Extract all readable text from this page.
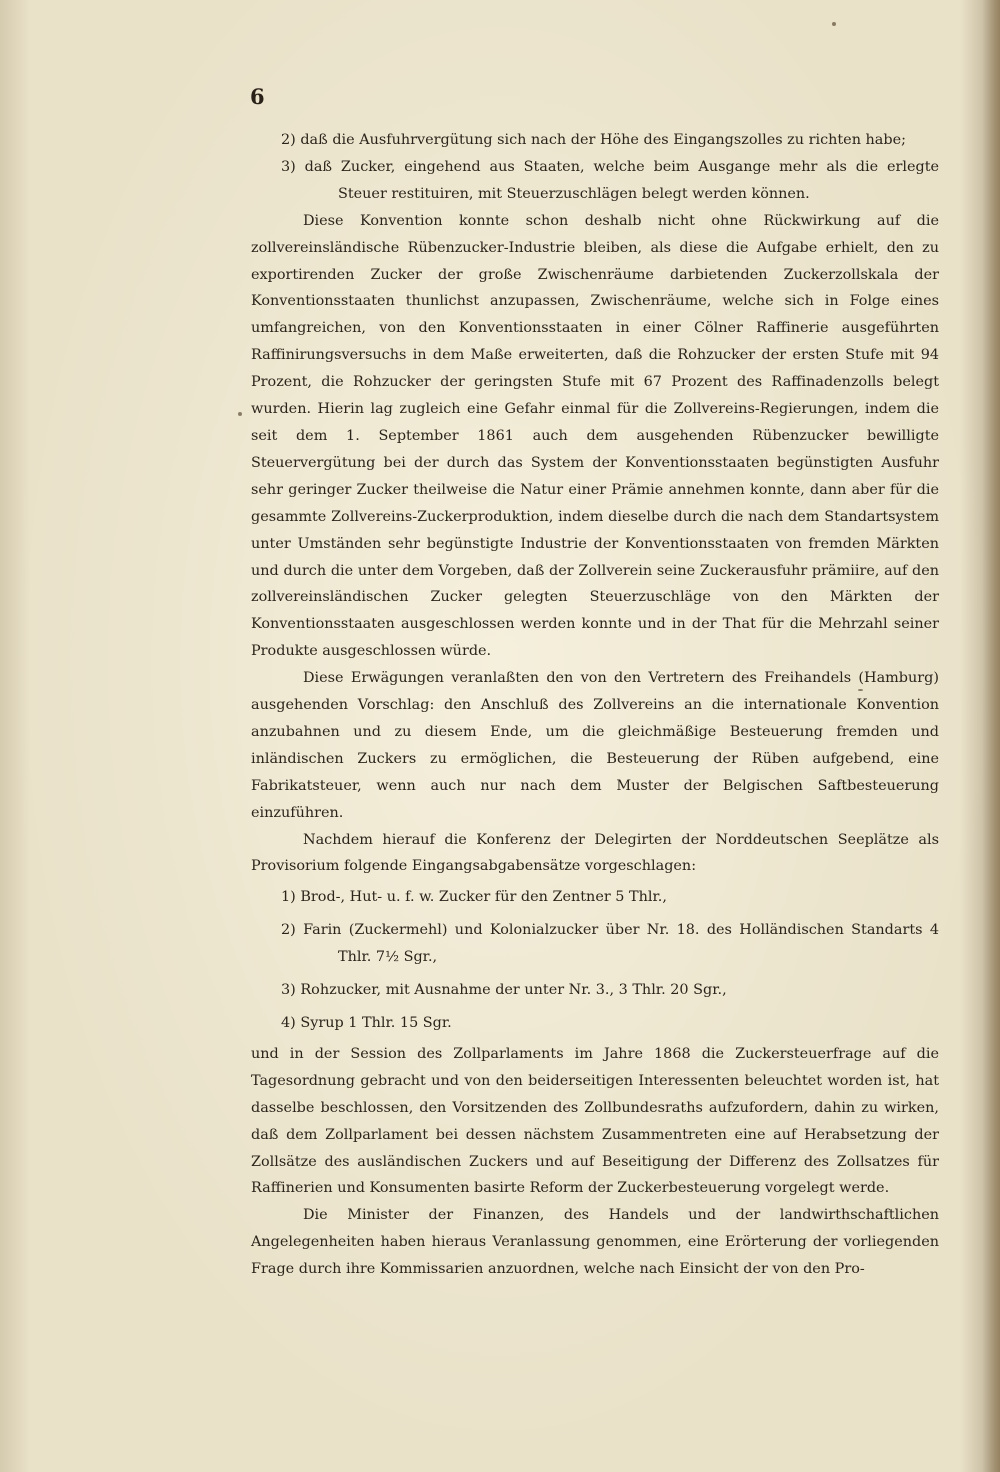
6

2) daß die Ausfuhrvergütung sich nach der Höhe des Eingangszolles zu richten habe;

3) daß Zucker, eingehend aus Staaten, welche beim Ausgange mehr als die erlegte Steuer restituiren, mit Steuerzuschlägen belegt werden können.

Diese Konvention konnte schon deshalb nicht ohne Rückwirkung auf die zollvereinsländische Rübenzucker-Industrie bleiben, als diese die Aufgabe erhielt, den zu exportirenden Zucker der große Zwischenräume darbietenden Zuckerzollskala der Konventionsstaaten thunlichst anzupassen, Zwischenräume, welche sich in Folge eines umfangreichen, von den Konventionsstaaten in einer Cölner Raffinerie ausgeführten Raffinirungsversuchs in dem Maße erweiterten, daß die Rohzucker der ersten Stufe mit 94 Prozent, die Rohzucker der geringsten Stufe mit 67 Prozent des Raffinadenzolls belegt wurden. Hierin lag zugleich eine Gefahr einmal für die Zollvereins-Regierungen, indem die seit dem 1. September 1861 auch dem ausgehenden Rübenzucker bewilligte Steuervergütung bei der durch das System der Konventionsstaaten begünstigten Ausfuhr sehr geringer Zucker theilweise die Natur einer Prämie annehmen konnte, dann aber für die gesammte Zollvereins-Zuckerproduktion, indem dieselbe durch die nach dem Standartsystem unter Umständen sehr begünstigte Industrie der Konventionsstaaten von fremden Märkten und durch die unter dem Vorgeben, daß der Zollverein seine Zuckerausfuhr prämiire, auf den zollvereinsländischen Zucker gelegten Steuerzuschläge von den Märkten der Konventionsstaaten ausgeschlossen werden konnte und in der That für die Mehrzahl seiner Produkte ausgeschlossen würde.

Diese Erwägungen veranlaßten den von den Vertretern des Freihandels (Hamburg) ausgehenden Vorschlag: den Anschluß des Zollvereins an die internationale Konvention anzubahnen und zu diesem Ende, um die gleichmäßige Besteuerung fremden und inländischen Zuckers zu ermöglichen, die Besteuerung der Rüben aufgebend, eine Fabrikatsteuer, wenn auch nur nach dem Muster der Belgischen Saftbesteuerung einzuführen.

Nachdem hierauf die Konferenz der Delegirten der Norddeutschen Seeplätze als Provisorium folgende Eingangsabgabensätze vorgeschlagen:

1) Brod-, Hut- u. f. w. Zucker für den Zentner 5 Thlr.,

2) Farin (Zuckermehl) und Kolonialzucker über Nr. 18. des Holländischen Standarts 4 Thlr. 7½ Sgr.,

3) Rohzucker, mit Ausnahme der unter Nr. 3., 3 Thlr. 20 Sgr.,

4) Syrup 1 Thlr. 15 Sgr.

und in der Session des Zollparlaments im Jahre 1868 die Zuckersteuerfrage auf die Tagesordnung gebracht und von den beiderseitigen Interessenten beleuchtet worden ist, hat dasselbe beschlossen, den Vorsitzenden des Zollbundesraths aufzufordern, dahin zu wirken, daß dem Zollparlament bei dessen nächstem Zusammentreten eine auf Herabsetzung der Zollsätze des ausländischen Zuckers und auf Beseitigung der Differenz des Zollsatzes für Raffinerien und Konsumenten basirte Reform der Zuckerbesteuerung vorgelegt werde.

Die Minister der Finanzen, des Handels und der landwirthschaftlichen Angelegenheiten haben hieraus Veranlassung genommen, eine Erörterung der vorliegenden Frage durch ihre Kommissarien anzuordnen, welche nach Einsicht der von den Pro-
